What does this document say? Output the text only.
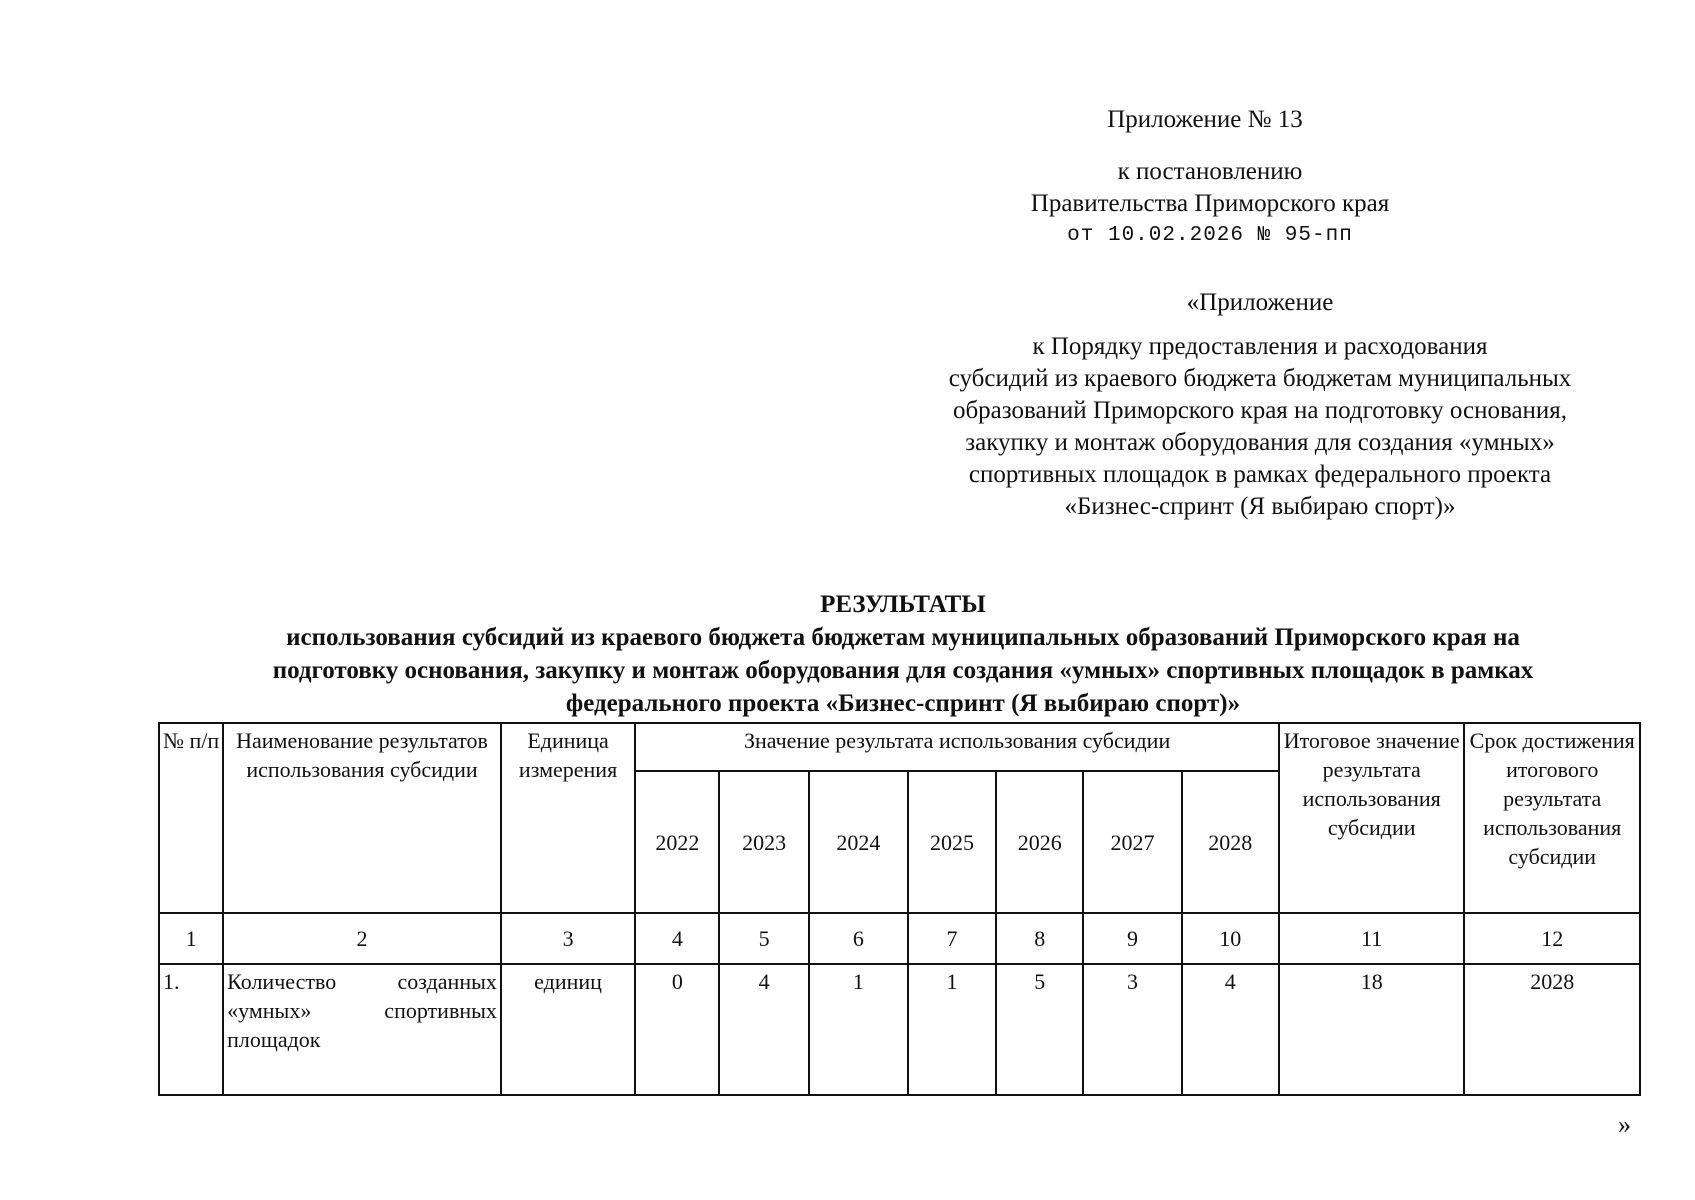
Приложение № 13
к постановлению
Правительства Приморского края
от 10.02.2026 № 95-пп
«Приложение
к Порядку предоставления и расходования
субсидий из краевого бюджета бюджетам муниципальных
образований Приморского края на подготовку основания,
закупку и монтаж оборудования для создания «умных»
спортивных площадок в рамках федерального проекта
«Бизнес-спринт (Я выбираю спорт)»
РЕЗУЛЬТАТЫ
использования субсидий из краевого бюджета бюджетам муниципальных образований Приморского края на
подготовку основания, закупку и монтаж оборудования для создания «умных» спортивных площадок в рамках
федерального проекта «Бизнес-спринт (Я выбираю спорт)»
№ п/п	Наименование результатов использования субсидии	Единица измерения	Значение результата использования субсидии							Итоговое значение результата использования субсидии	Срок достижения итогового результата использования субсидии
			2022	2023	2024	2025	2026	2027	2028		
1	2	3	4	5	6	7	8	9	10	11	12
1.	Количество созданных «умных» спортивных площадок	единиц	0	4	1	1	5	3	4	18	2028
»
